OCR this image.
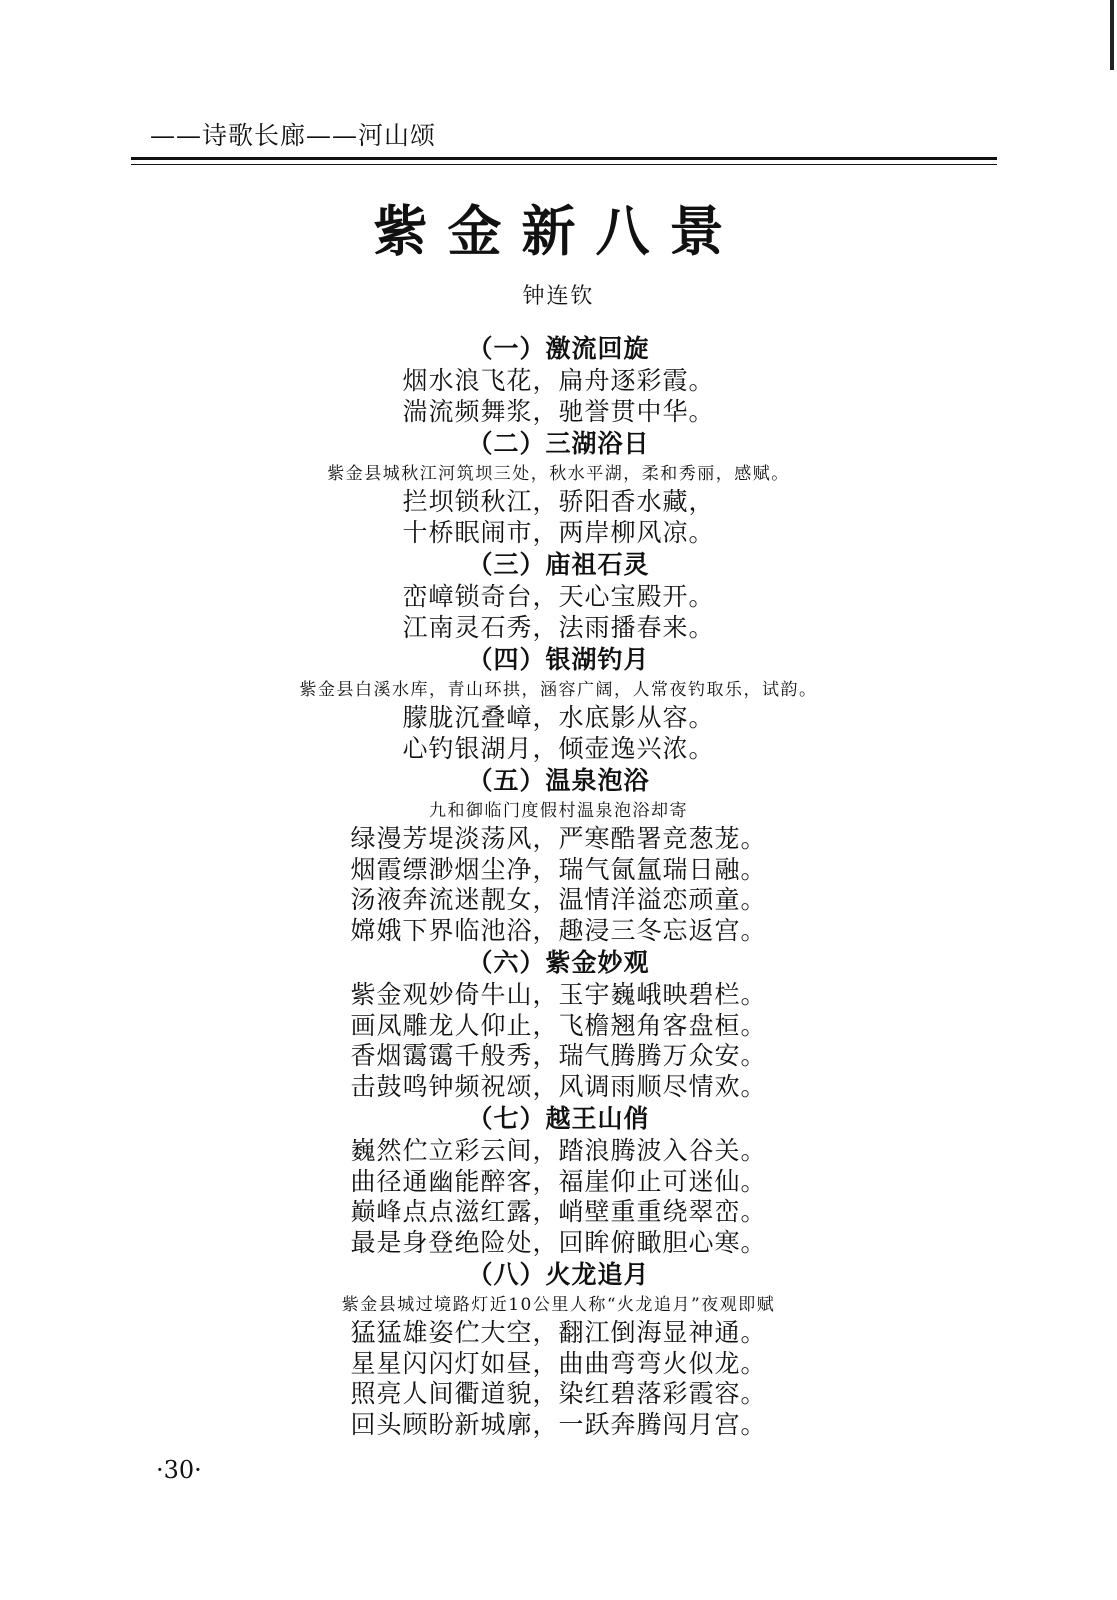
——诗歌长廊——河山颂
紫金新八景
钟连钦
（一）激流回旋
烟水浪飞花，扁舟逐彩霞。
湍流频舞浆，驰誉贯中华。
（二）三湖浴日
紫金县城秋江河筑坝三处，秋水平湖，柔和秀丽，感赋。
拦坝锁秋江，骄阳香水藏，
十桥眠闹市，两岸柳风凉。
（三）庙祖石灵
峦嶂锁奇台，天心宝殿开。
江南灵石秀，法雨播春来。
（四）银湖钓月
紫金县白溪水库，青山环拱，涵容广阔，人常夜钓取乐，试韵。
朦胧沉叠嶂，水底影从容。
心钓银湖月，倾壶逸兴浓。
（五）温泉泡浴
九和御临门度假村温泉泡浴却寄
绿漫芳堤淡荡风，严寒酷署竞葱茏。
烟霞缥渺烟尘净，瑞气氤氲瑞日融。
汤液奔流迷靓女，温情洋溢恋顽童。
嫦娥下界临池浴，趣浸三冬忘返宫。
（六）紫金妙观
紫金观妙倚牛山，玉宇巍峨映碧栏。
画凤雕龙人仰止，飞檐翘角客盘桓。
香烟霭霭千般秀，瑞气腾腾万众安。
击鼓鸣钟频祝颂，风调雨顺尽情欢。
（七）越王山俏
巍然伫立彩云间，踏浪腾波入谷关。
曲径通幽能醉客，福崖仰止可迷仙。
巅峰点点滋红露，峭壁重重绕翠峦。
最是身登绝险处，回眸俯瞰胆心寒。
（八）火龙追月
紫金县城过境路灯近10公里人称“火龙追月”夜观即赋
猛猛雄姿伫大空，翻江倒海显神通。
星星闪闪灯如昼，曲曲弯弯火似龙。
照亮人间衢道貌，染红碧落彩霞容。
回头顾盼新城廓，一跃奔腾闯月宫。
·30·
